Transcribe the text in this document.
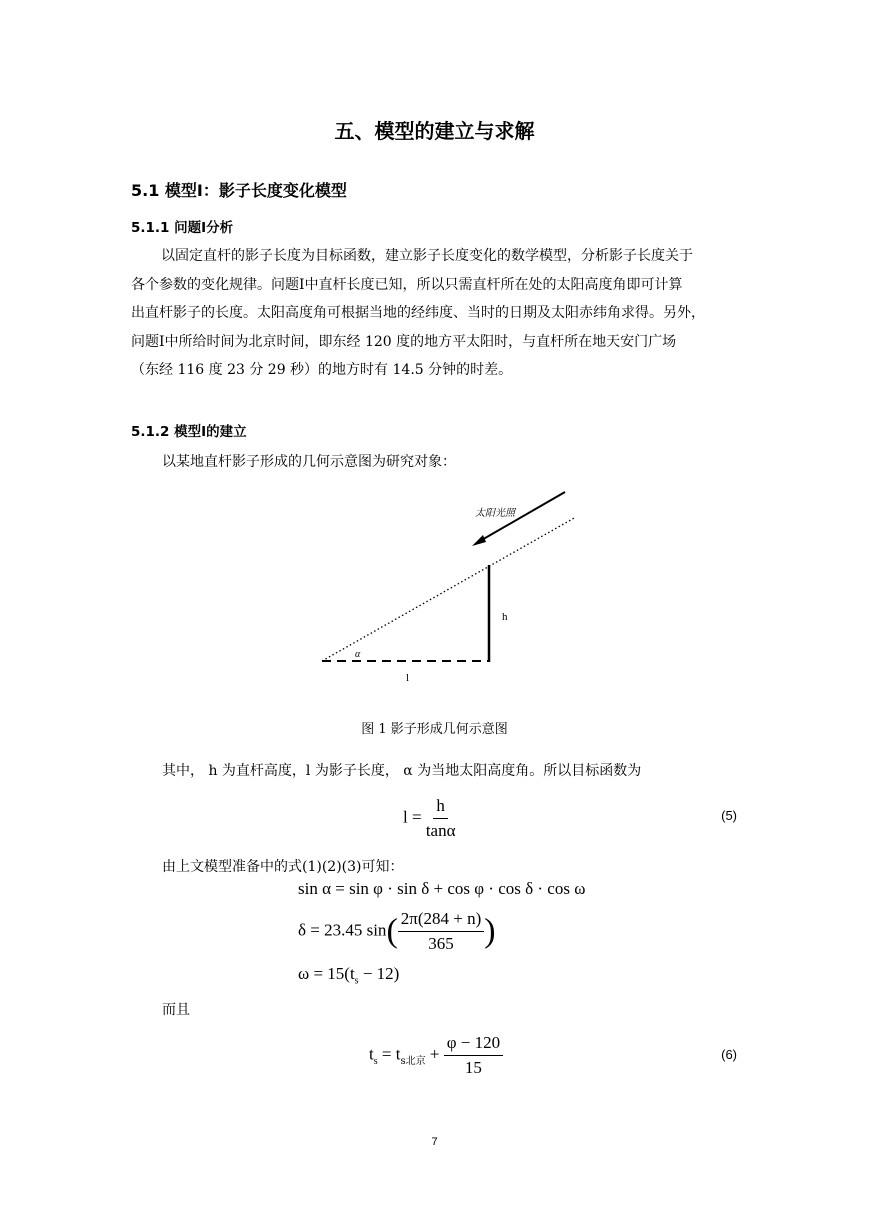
五、模型的建立与求解
5.1 模型Ⅰ：影子长度变化模型
5.1.1 问题Ⅰ分析

以固定直杆的影子长度为目标函数，建立影子长度变化的数学模型，分析影子长度关于

各个参数的变化规律。问题Ⅰ中直杆长度已知，所以只需直杆所在处的太阳高度角即可计算

出直杆影子的长度。太阳高度角可根据当地的经纬度、当时的日期及太阳赤纬角求得。另外，

问题Ⅰ中所给时间为北京时间，即东经 120 度的地方平太阳时，与直杆所在地天安门广场

（东经 116 度 23 分 29 秒）的地方时有 14.5 分钟的时差。

5.1.2 模型Ⅰ的建立
以某地直杆影子形成的几何示意图为研究对象：
太阳光照
h
l
α
图 1 影子形成几何示意图
其中， h 为直杆高度，l 为影子长度， α 为当地太阳高度角。所以目标函数为
$l = \frac{h}{\tan\alpha}$	(5)
由上文模型准备中的式(1)(2)(3)可知：
sin α = sin φ · sin δ + cos φ · cos δ · cos ω
δ = 23.45 $\sin( \frac{2\pi(284 + n)}{365}$ )
$\omega = 15(t_s - 12)$
而且
$t_s = t_{s北京} + \frac{\varphi - 120}{15}$	(6)
7
